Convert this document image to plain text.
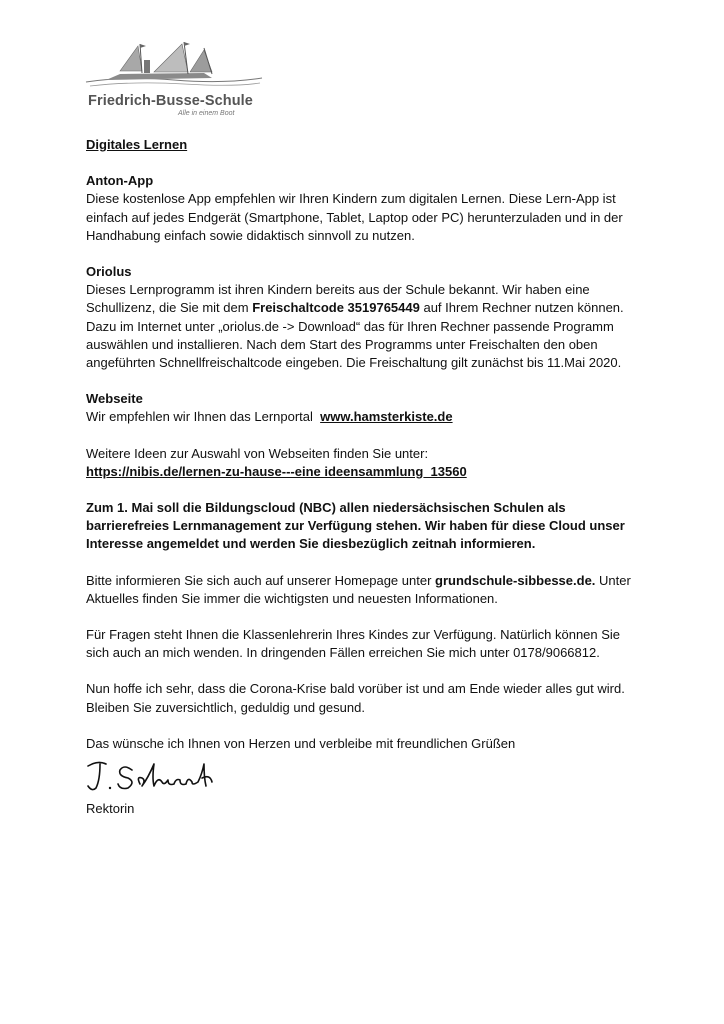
Friedrich-Busse-Schule
Alle in einem Boot

Digitales Lernen

Anton-App

Diese kostenlose App empfehlen wir Ihren Kindern zum digitalen Lernen. Diese Lern-App ist einfach auf jedes Endgerät (Smartphone, Tablet, Laptop oder PC) herunterzuladen und in der Handhabung einfach sowie didaktisch sinnvoll zu nutzen.

Oriolus

Dieses Lernprogramm ist ihren Kindern bereits aus der Schule bekannt. Wir haben eine Schullizenz, die Sie mit dem Freischaltcode 3519765449 auf Ihrem Rechner nutzen können. Dazu im Internet unter „oriolus.de -> Download“ das für Ihren Rechner passende Programm auswählen und installieren. Nach dem Start des Programms unter Freischalten den oben angeführten Schnellfreischaltcode eingeben. Die Freischaltung gilt zunächst bis 11.Mai 2020.

Webseite

Wir empfehlen wir Ihnen das Lernportal  www.hamsterkiste.de

Weitere Ideen zur Auswahl von Webseiten finden Sie unter:

https://nibis.de/lernen-zu-hause---eine ideensammlung_13560

Zum 1. Mai soll die Bildungscloud (NBC) allen niedersächsischen Schulen als barrierefreies Lernmanagement zur Verfügung stehen. Wir haben für diese Cloud unser Interesse angemeldet und werden Sie diesbezüglich zeitnah informieren.

Bitte informieren Sie sich auch auf unserer Homepage unter grundschule-sibbesse.de. Unter Aktuelles finden Sie immer die wichtigsten und neuesten Informationen.

Für Fragen steht Ihnen die Klassenlehrerin Ihres Kindes zur Verfügung. Natürlich können Sie sich auch an mich wenden. In dringenden Fällen erreichen Sie mich unter 0178/9066812.

Nun hoffe ich sehr, dass die Corona-Krise bald vorüber ist und am Ende wieder alles gut wird. Bleiben Sie zuversichtlich, geduldig und gesund.

Das wünsche ich Ihnen von Herzen und verbleibe mit freundlichen Grüßen

Rektorin
